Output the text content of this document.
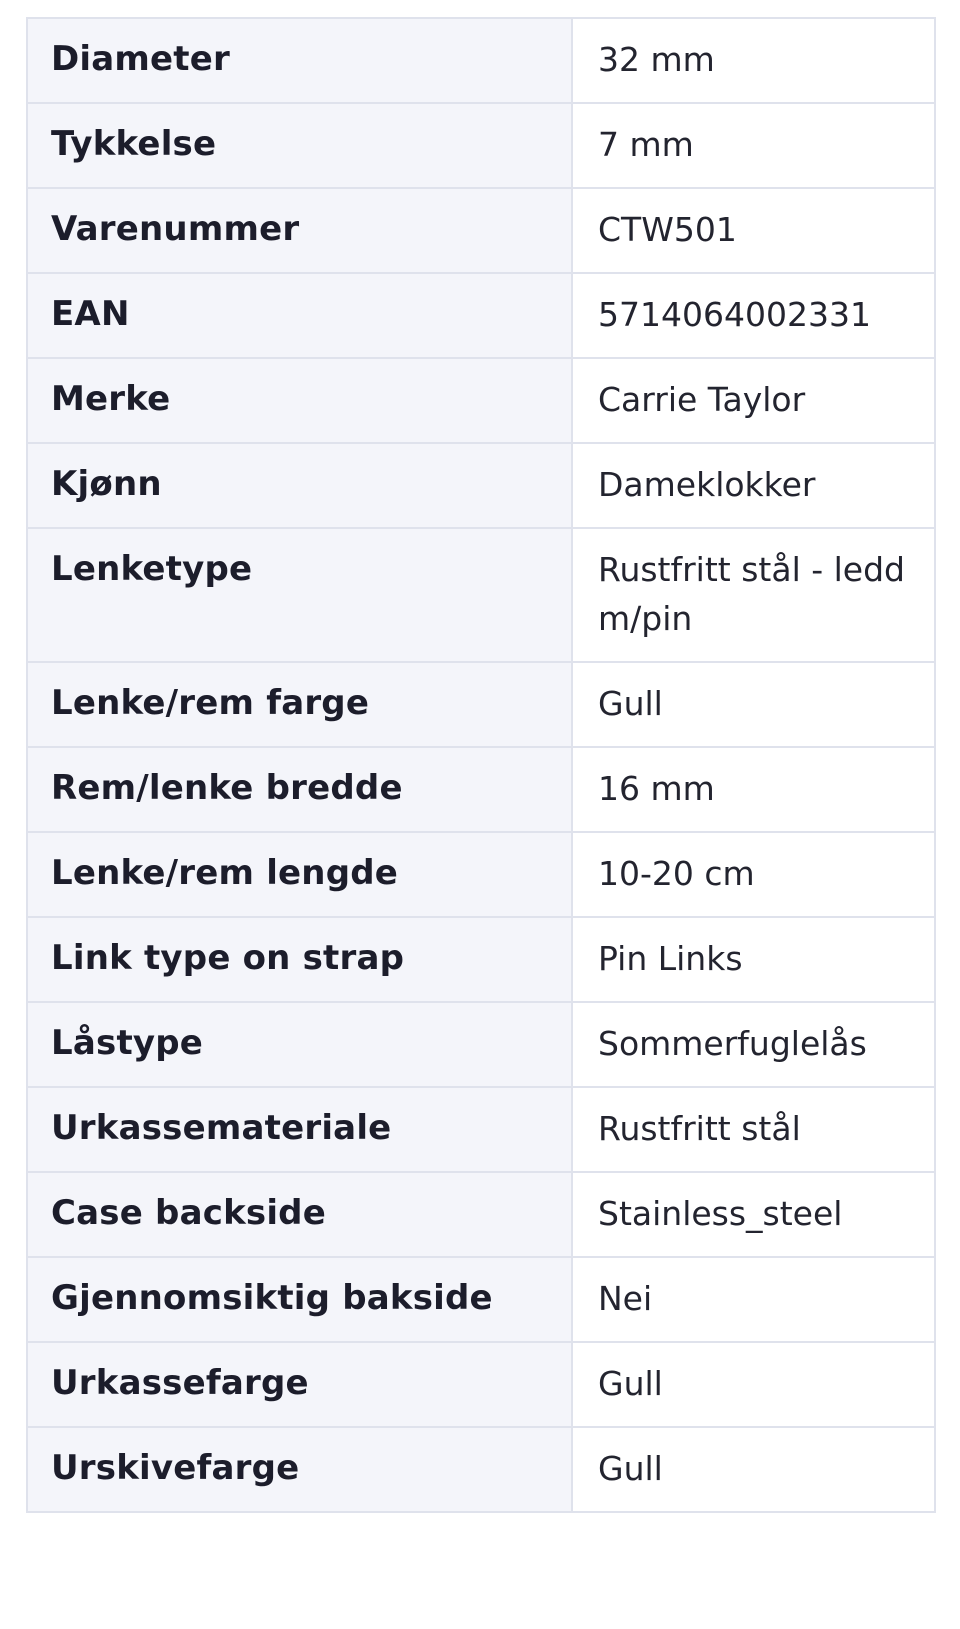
Diameter	32 mm
Tykkelse	7 mm
Varenummer	CTW501
EAN	5714064002331
Merke	Carrie Taylor
Kjønn	Dameklokker
Lenketype	Rustfritt stål - ledd m/pin
Lenke/rem farge	Gull
Rem/lenke bredde	16 mm
Lenke/rem lengde	10-20 cm
Link type on strap	Pin Links
Låstype	Sommerfuglelås
Urkassemateriale	Rustfritt stål
Case backside	Stainless_steel
Gjennomsiktig bakside	Nei
Urkassefarge	Gull
Urskivefarge	Gull
